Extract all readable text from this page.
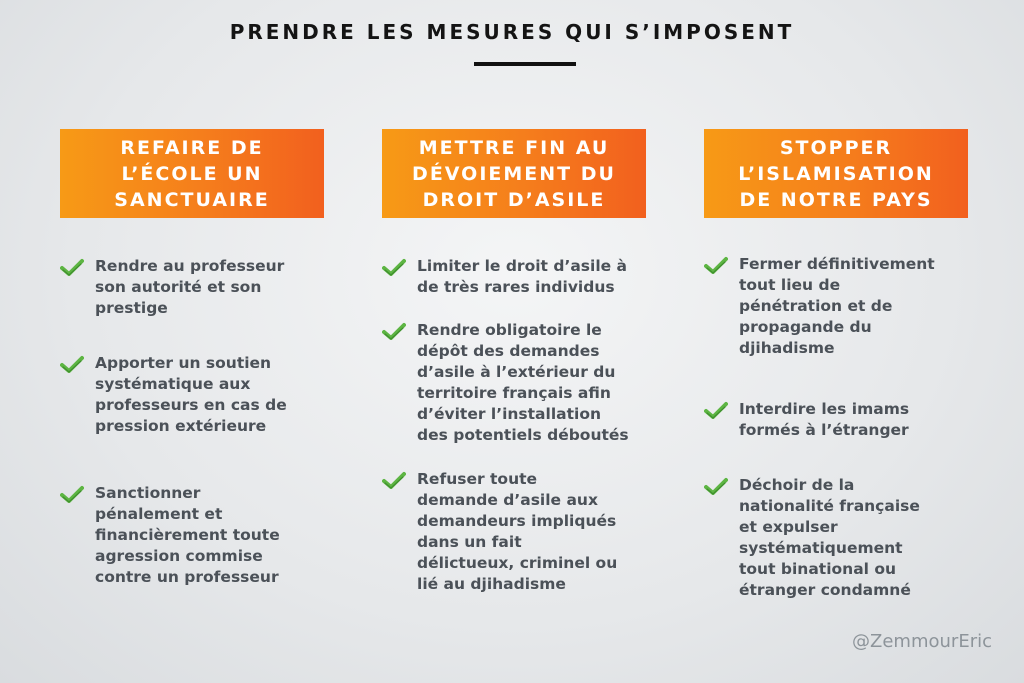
PRENDRE LES MESURES QUI S’IMPOSENT
REFAIRE DE
L’ÉCOLE UN
SANCTUAIRE
Rendre au professeur
son autorité et son
prestige
Apporter un soutien
systématique aux
professeurs en cas de
pression extérieure
Sanctionner
pénalement et
financièrement toute
agression commise
contre un professeur
METTRE FIN AU
DÉVOIEMENT DU
DROIT D’ASILE
Limiter le droit d’asile à
de très rares individus
Rendre obligatoire le
dépôt des demandes
d’asile à l’extérieur du
territoire français afin
d’éviter l’installation
des potentiels déboutés
Refuser toute
demande d’asile aux
demandeurs impliqués
dans un fait
délictueux, criminel ou
lié au djihadisme
STOPPER
L’ISLAMISATION
DE NOTRE PAYS
Fermer définitivement
tout lieu de
pénétration et de
propagande du
djihadisme
Interdire les imams
formés à l’étranger
Déchoir de la
nationalité française
et expulser
systématiquement
tout binational ou
étranger condamné
@ZemmourEric
